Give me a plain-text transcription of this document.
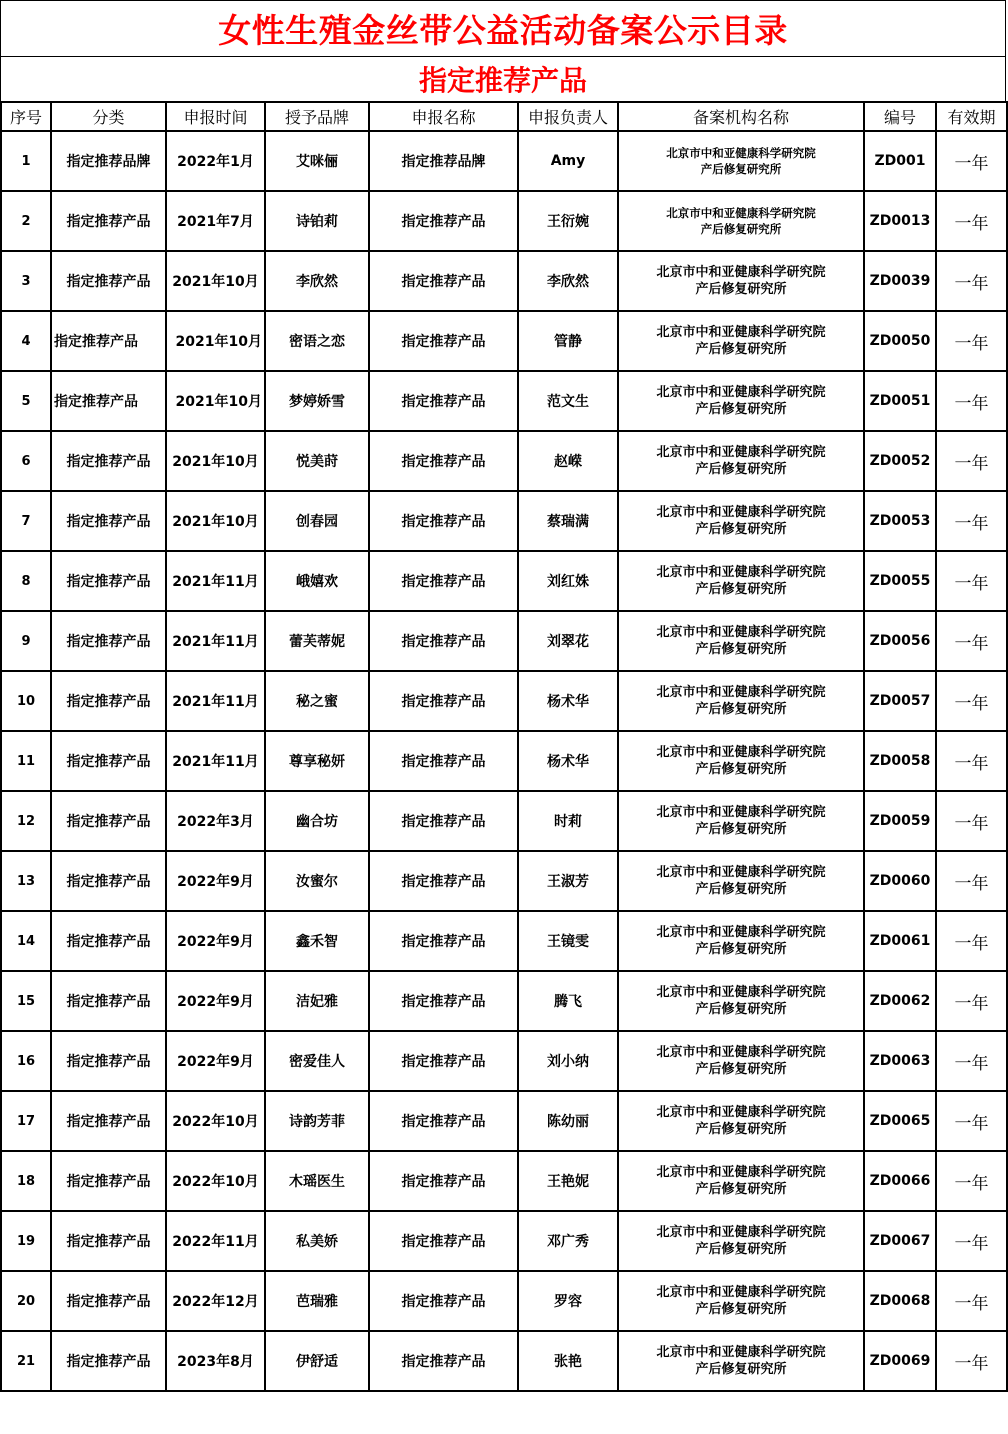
女性生殖金丝带公益活动备案公示目录
指定推荐产品
序号	分类	申报时间	授予品牌	申报名称	申报负责人	备案机构名称	编号	有效期
1	指定推荐品牌	2022年1月	艾咪俪	指定推荐品牌	Amy	北京市中和亚健康科学研究院
产后修复研究所	ZD001	一年
2	指定推荐产品	2021年7月	诗铂莉	指定推荐产品	王衍婉	北京市中和亚健康科学研究院
产后修复研究所	ZD0013	一年
3	指定推荐产品	2021年10月	李欣然	指定推荐产品	李欣然	北京市中和亚健康科学研究院
产后修复研究所	ZD0039	一年
4	指定推荐产品	2021年10月	密语之恋	指定推荐产品	管静	北京市中和亚健康科学研究院
产后修复研究所	ZD0050	一年
5	指定推荐产品	2021年10月	梦婷娇雪	指定推荐产品	范文生	北京市中和亚健康科学研究院
产后修复研究所	ZD0051	一年
6	指定推荐产品	2021年10月	悦美莳	指定推荐产品	赵嵘	北京市中和亚健康科学研究院
产后修复研究所	ZD0052	一年
7	指定推荐产品	2021年10月	创春园	指定推荐产品	蔡瑞满	北京市中和亚健康科学研究院
产后修复研究所	ZD0053	一年
8	指定推荐产品	2021年11月	峨嬉欢	指定推荐产品	刘红姝	北京市中和亚健康科学研究院
产后修复研究所	ZD0055	一年
9	指定推荐产品	2021年11月	蕾芙蒂妮	指定推荐产品	刘翠花	北京市中和亚健康科学研究院
产后修复研究所	ZD0056	一年
10	指定推荐产品	2021年11月	秘之蜜	指定推荐产品	杨术华	北京市中和亚健康科学研究院
产后修复研究所	ZD0057	一年
11	指定推荐产品	2021年11月	尊享秘妍	指定推荐产品	杨术华	北京市中和亚健康科学研究院
产后修复研究所	ZD0058	一年
12	指定推荐产品	2022年3月	幽合坊	指定推荐产品	时莉	北京市中和亚健康科学研究院
产后修复研究所	ZD0059	一年
13	指定推荐产品	2022年9月	汝蜜尔	指定推荐产品	王淑芳	北京市中和亚健康科学研究院
产后修复研究所	ZD0060	一年
14	指定推荐产品	2022年9月	鑫禾智	指定推荐产品	王镜雯	北京市中和亚健康科学研究院
产后修复研究所	ZD0061	一年
15	指定推荐产品	2022年9月	洁妃雅	指定推荐产品	腾飞	北京市中和亚健康科学研究院
产后修复研究所	ZD0062	一年
16	指定推荐产品	2022年9月	密爱佳人	指定推荐产品	刘小纳	北京市中和亚健康科学研究院
产后修复研究所	ZD0063	一年
17	指定推荐产品	2022年10月	诗韵芳菲	指定推荐产品	陈幼丽	北京市中和亚健康科学研究院
产后修复研究所	ZD0065	一年
18	指定推荐产品	2022年10月	木瑶医生	指定推荐产品	王艳妮	北京市中和亚健康科学研究院
产后修复研究所	ZD0066	一年
19	指定推荐产品	2022年11月	私美娇	指定推荐产品	邓广秀	北京市中和亚健康科学研究院
产后修复研究所	ZD0067	一年
20	指定推荐产品	2022年12月	芭瑞雅	指定推荐产品	罗容	北京市中和亚健康科学研究院
产后修复研究所	ZD0068	一年
21	指定推荐产品	2023年8月	伊舒适	指定推荐产品	张艳	北京市中和亚健康科学研究院
产后修复研究所	ZD0069	一年
